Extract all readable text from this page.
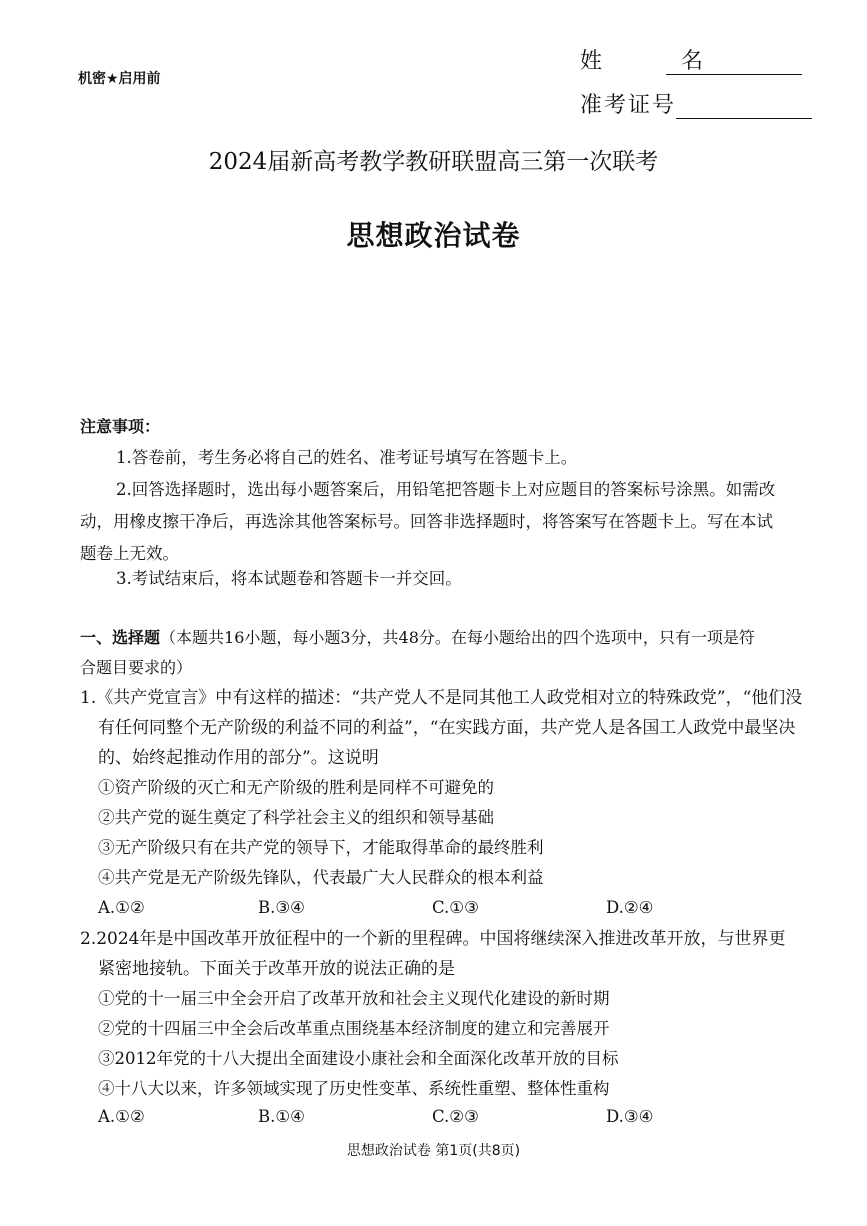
机密★启用前
姓 名
准考证号
2024届新高考教学教研联盟高三第一次联考
思想政治试卷
注意事项：
1.答卷前，考生务必将自己的姓名、准考证号填写在答题卡上。
2.回答选择题时，选出每小题答案后，用铅笔把答题卡上对应题目的答案标号涂黑。如需改
动，用橡皮擦干净后，再选涂其他答案标号。回答非选择题时，将答案写在答题卡上。写在本试
题卷上无效。
3.考试结束后，将本试题卷和答题卡一并交回。
一、选择题（本题共16小题，每小题3分，共48分。在每小题给出的四个选项中，只有一项是符
合题目要求的）
1.《共产党宣言》中有这样的描述：“共产党人不是同其他工人政党相对立的特殊政党”，“他们没
有任何同整个无产阶级的利益不同的利益”，“在实践方面，共产党人是各国工人政党中最坚决
的、始终起推动作用的部分”。这说明
①资产阶级的灭亡和无产阶级的胜利是同样不可避免的
②共产党的诞生奠定了科学社会主义的组织和领导基础
③无产阶级只有在共产党的领导下，才能取得革命的最终胜利
④共产党是无产阶级先锋队，代表最广大人民群众的根本利益
A.①②	B.③④	C.①③	D.②④
2.2024年是中国改革开放征程中的一个新的里程碑。中国将继续深入推进改革开放，与世界更
紧密地接轨。下面关于改革开放的说法正确的是
①党的十一届三中全会开启了改革开放和社会主义现代化建设的新时期
②党的十四届三中全会后改革重点围绕基本经济制度的建立和完善展开
③2012年党的十八大提出全面建设小康社会和全面深化改革开放的目标
④十八大以来，许多领域实现了历史性变革、系统性重塑、整体性重构
A.①②	B.①④	C.②③	D.③④
思想政治试卷 第1页(共8页)
